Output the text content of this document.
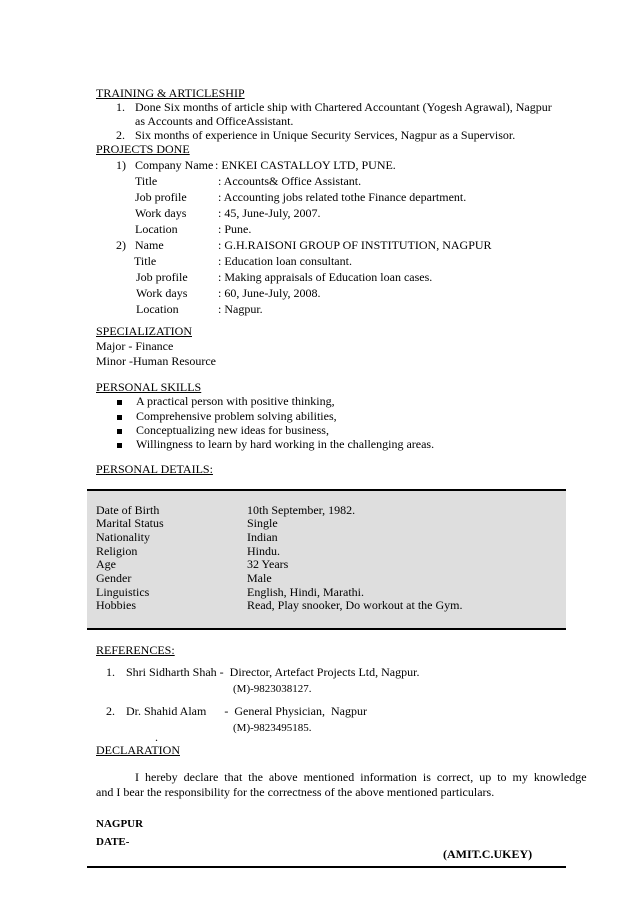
TRAINING & ARTICLESHIP
1. Done Six months of article ship with Chartered Accountant (Yogesh Agrawal), Nagpur
as Accounts and OfficeAssistant.
2. Six months of experience in Unique Security Services, Nagpur as a Supervisor.
PROJECTS DONE
1) Company Name : ENKEI CASTALLOY LTD, PUNE.
Title	: Accounts& Office Assistant.
Job profile	: Accounting jobs related tothe Finance department.
Work days	: 45, June-July, 2007.
Location	: Pune.
2) Name	: G.H.RAISONI GROUP OF INSTITUTION, NAGPUR
Title	: Education loan consultant.
Job profile	: Making appraisals of Education loan cases.
Work days	: 60, June-July, 2008.
Location	: Nagpur.
SPECIALIZATION
Major - Finance
Minor -Human Resource
PERSONAL SKILLS
A practical person with positive thinking,
Comprehensive problem solving abilities,
Conceptualizing new ideas for business,
Willingness to learn by hard working in the challenging areas.
PERSONAL DETAILS:
Date of Birth	10th September, 1982.
Marital Status	Single
Nationality	Indian
Religion	Hindu.
Age	32 Years
Gender	Male
Linguistics	English, Hindi, Marathi.
Hobbies	Read, Play snooker, Do workout at the Gym.
REFERENCES:
1. Shri Sidharth Shah -  Director, Artefact Projects Ltd, Nagpur.
(M)-9823038127.
2. Dr. Shahid Alam      -  General Physician,  Nagpur
(M)-9823495185.
.
DECLARATION
I  hereby  declare  that  the  above  mentioned  information  is  correct,  up  to  my  knowledge
and I bear the responsibility for the correctness of the above mentioned particulars.
NAGPUR
DATE-
(AMIT.C.UKEY)
